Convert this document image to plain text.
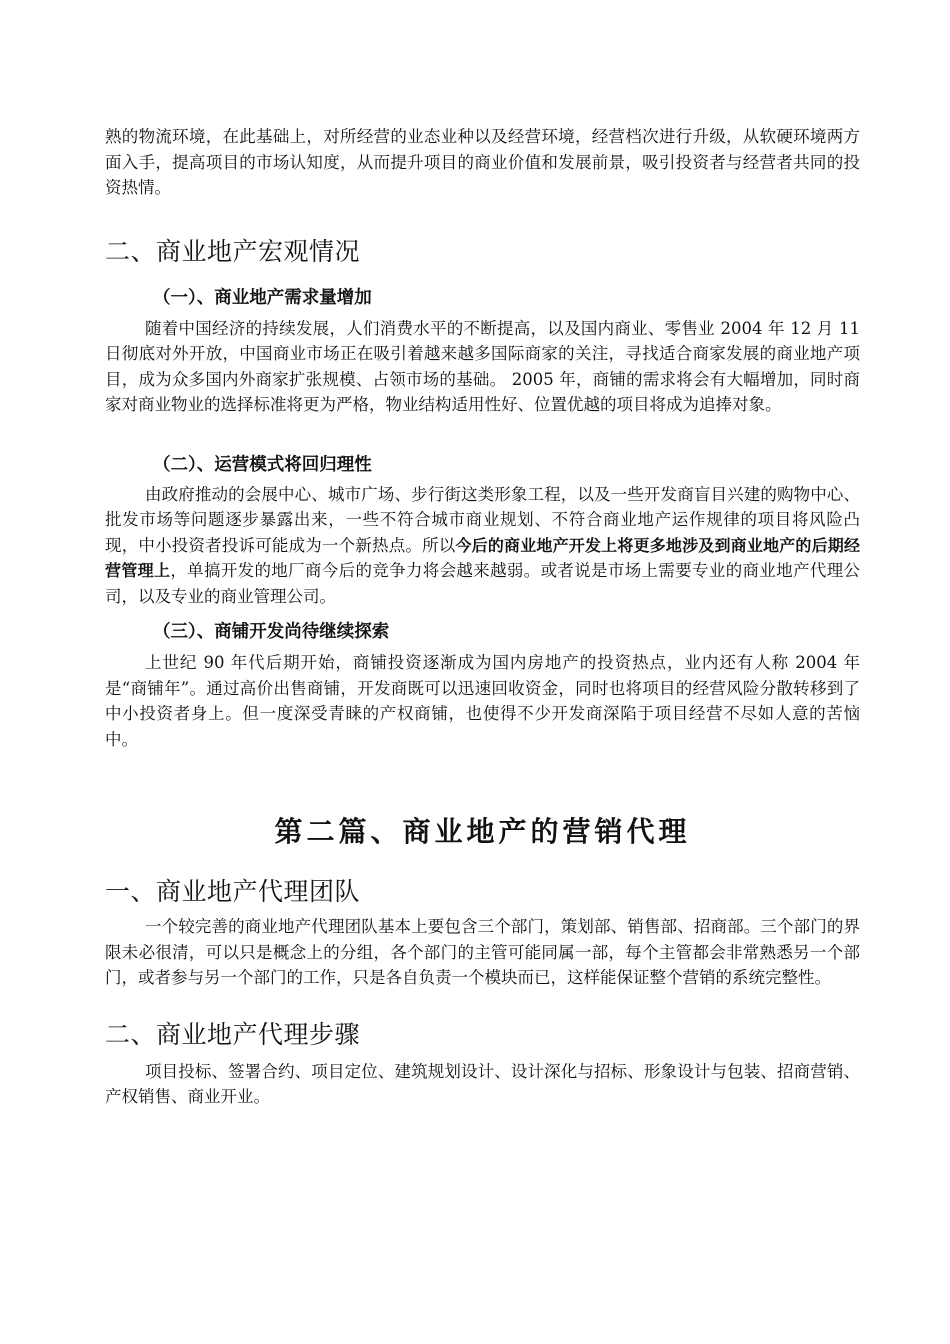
熟的物流环境，在此基础上，对所经营的业态业种以及经营环境，经营档次进行升级，从软硬环境两方面入手，提高项目的市场认知度，从而提升项目的商业价值和发展前景，吸引投资者与经营者共同的投资热情。

二、商业地产宏观情况
（一）、商业地产需求量增加

随着中国经济的持续发展，人们消费水平的不断提高，以及国内商业、零售业 2004 年 12 月 11 日彻底对外开放，中国商业市场正在吸引着越来越多国际商家的关注，寻找适合商家发展的商业地产项目，成为众多国内外商家扩张规模、占领市场的基础。 2005 年，商铺的需求将会有大幅增加，同时商家对商业物业的选择标准将更为严格，物业结构适用性好、位置优越的项目将成为追捧对象。

（二）、运营模式将回归理性

由政府推动的会展中心、城市广场、步行街这类形象工程，以及一些开发商盲目兴建的购物中心、批发市场等问题逐步暴露出来，一些不符合城市商业规划、不符合商业地产运作规律的项目将风险凸现，中小投资者投诉可能成为一个新热点。所以今后的商业地产开发上将更多地涉及到商业地产的后期经营管理上，单搞开发的地厂商今后的竞争力将会越来越弱。或者说是市场上需要专业的商业地产代理公司，以及专业的商业管理公司。

（三）、商铺开发尚待继续探索

上世纪 90 年代后期开始，商铺投资逐渐成为国内房地产的投资热点，业内还有人称 2004 年是“商铺年”。通过高价出售商铺，开发商既可以迅速回收资金，同时也将项目的经营风险分散转移到了中小投资者身上。但一度深受青睐的产权商铺，也使得不少开发商深陷于项目经营不尽如人意的苦恼中。

第二篇、商业地产的营销代理
一、商业地产代理团队

一个较完善的商业地产代理团队基本上要包含三个部门，策划部、销售部、招商部。三个部门的界限未必很清，可以只是概念上的分组，各个部门的主管可能同属一部，每个主管都会非常熟悉另一个部门，或者参与另一个部门的工作，只是各自负责一个模块而已，这样能保证整个营销的系统完整性。

二、商业地产代理步骤

项目投标、签署合约、项目定位、建筑规划设计、设计深化与招标、形象设计与包装、招商营销、产权销售、商业开业。
